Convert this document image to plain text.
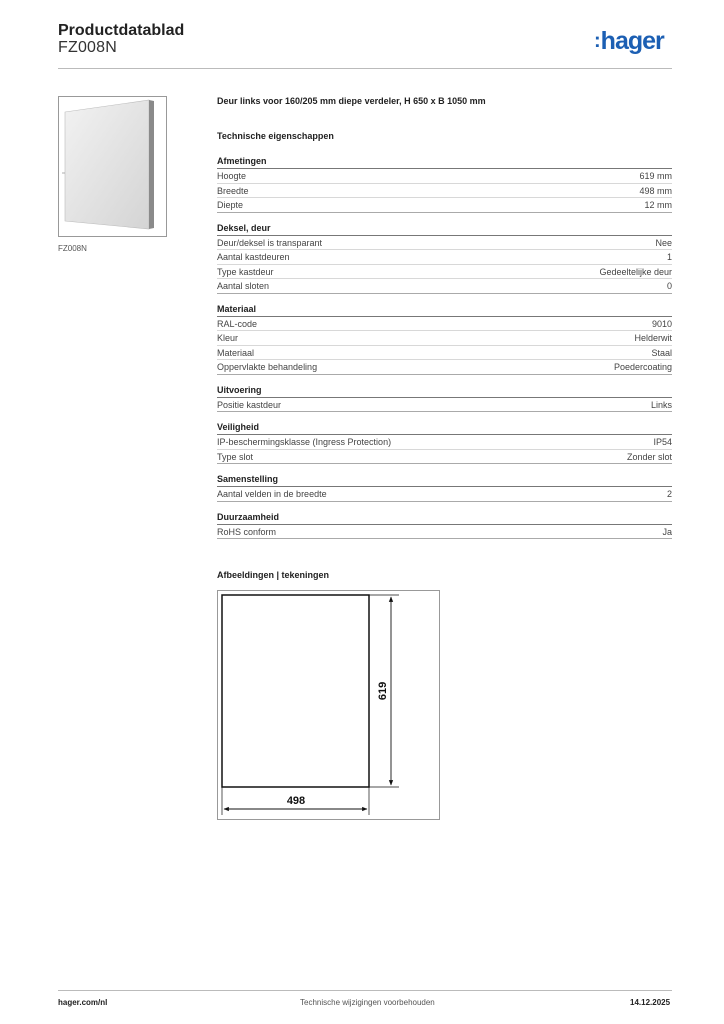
Productdatablad
FZ008N	:hager
FZ008N
Deur links voor 160/205 mm diepe verdeler, H 650 x B 1050 mm
Technische eigenschappen
Afmetingen
Hoogte	619 mm
Breedte	498 mm
Diepte	12 mm
Deksel, deur
Deur/deksel is transparant	Nee
Aantal kastdeuren	1
Type kastdeur	Gedeeltelijke deur
Aantal sloten	0
Materiaal
RAL-code	9010
Kleur	Helderwit
Materiaal	Staal
Oppervlakte behandeling	Poedercoating
Uitvoering
Positie kastdeur	Links
Veiligheid
IP-beschermingsklasse (Ingress Protection)	IP54
Type slot	Zonder slot
Samenstelling
Aantal velden in de breedte	2
Duurzaamheid
RoHS conform	Ja
Afbeeldingen | tekeningen
498
619
hager.com/nl	Technische wijzigingen voorbehouden	14.12.2025
